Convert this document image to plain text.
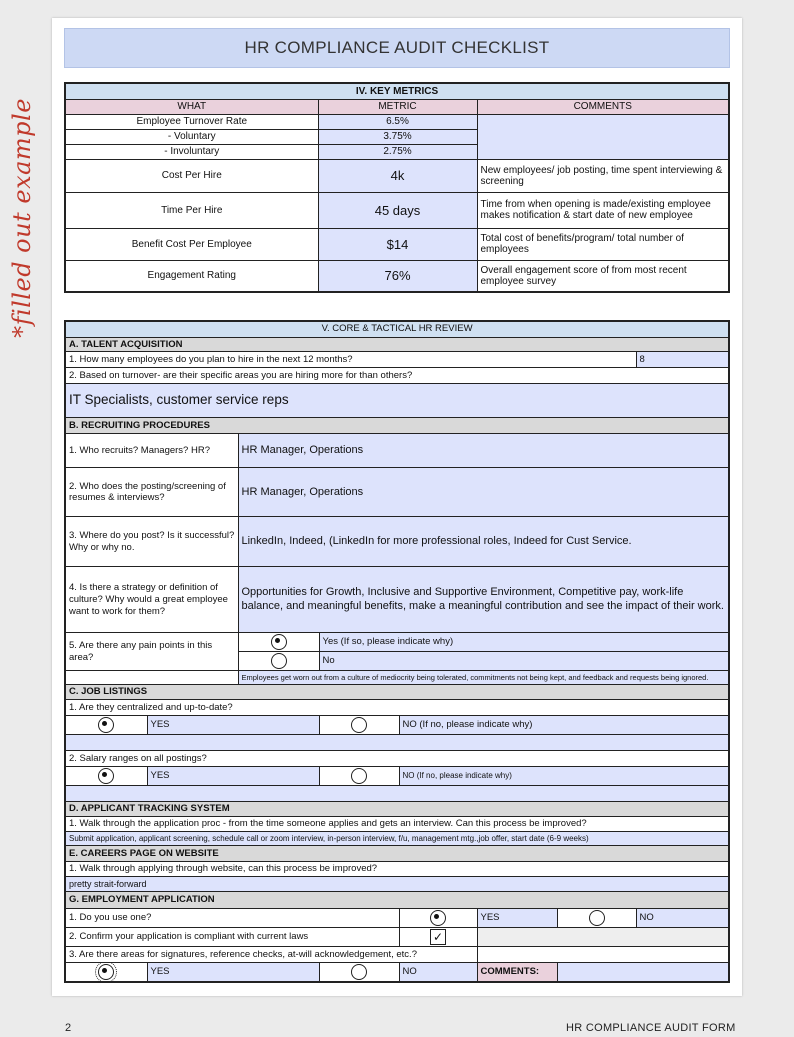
*filled out example
HR COMPLIANCE AUDIT CHECKLIST
IV. KEY METRICS		
WHAT	METRIC	COMMENTS
Employee Turnover Rate	6.5%	
- Voluntary	3.75%	
- Involuntary	2.75%	
Cost Per Hire	4k	New employees/ job posting, time spent interviewing & screening
Time Per Hire	45 days	Time from when opening is made/existing employee makes notification & start date of new employee
Benefit Cost Per Employee	$14	Total cost of benefits/program/ total number of employees
Engagement Rating	76%	Overall engagement score of from most recent employee survey
V. CORE & TACTICAL HR REVIEW							
A. TALENT ACQUISITION							
1. How many employees do you plan to hire in the next 12 months?							8
2. Based on turnover- are their specific areas you are hiring more for than others?							
IT Specialists, customer service reps							
B. RECRUITING PROCEDURES							
1. Who recruits? Managers? HR?		HR Manager, Operations					
2. Who does the posting/screening of resumes & interviews?		HR Manager, Operations					
3. Where do you post? Is it successful? Why or why no.		LinkedIn, Indeed, (LinkedIn for more professional roles, Indeed for Cust Service.					
4. Is there a strategy or definition of culture? Why would a great employee want to work for them?		Opportunities for Growth, Inclusive and Supportive Environment, Competitive pay, work-life balance, and meaningful benefits, make a meaningful contribution and see the impact of their work.					
5. Are there any pain points in this area?			Yes (If so, please indicate why)				
			No				
		Employees get worn out from a culture of mediocrity being tolerated, commitments not being kept, and feedback and requests being ignored.					
C. JOB LISTINGS							
1. Are they centralized and up-to-date?							
	YES			NO (If no, please indicate why)			

2. Salary ranges on all postings?							
	YES			NO (If no, please indicate why)			

D. APPLICANT TRACKING SYSTEM							
1. Walk through the application proc - from the time someone applies and gets an interview. Can this process be improved?							
Submit application, applicant screening, schedule call or zoom interview, in-person interview, f/u, management mtg.,job offer, start date (6-9 weeks)							
E. CAREERS PAGE ON WEBSITE							
1. Walk through applying through website, can this process be improved?							
pretty strait-forward							
G. EMPLOYMENT APPLICATION							
1. Do you use one?					YES		NO
2. Confirm your application is compliant with current laws				✓			
3. Are there areas for signatures, reference checks, at-will acknowledgement, etc.?							
	YES			NO	COMMENTS:		
2	HR COMPLIANCE AUDIT FORM
